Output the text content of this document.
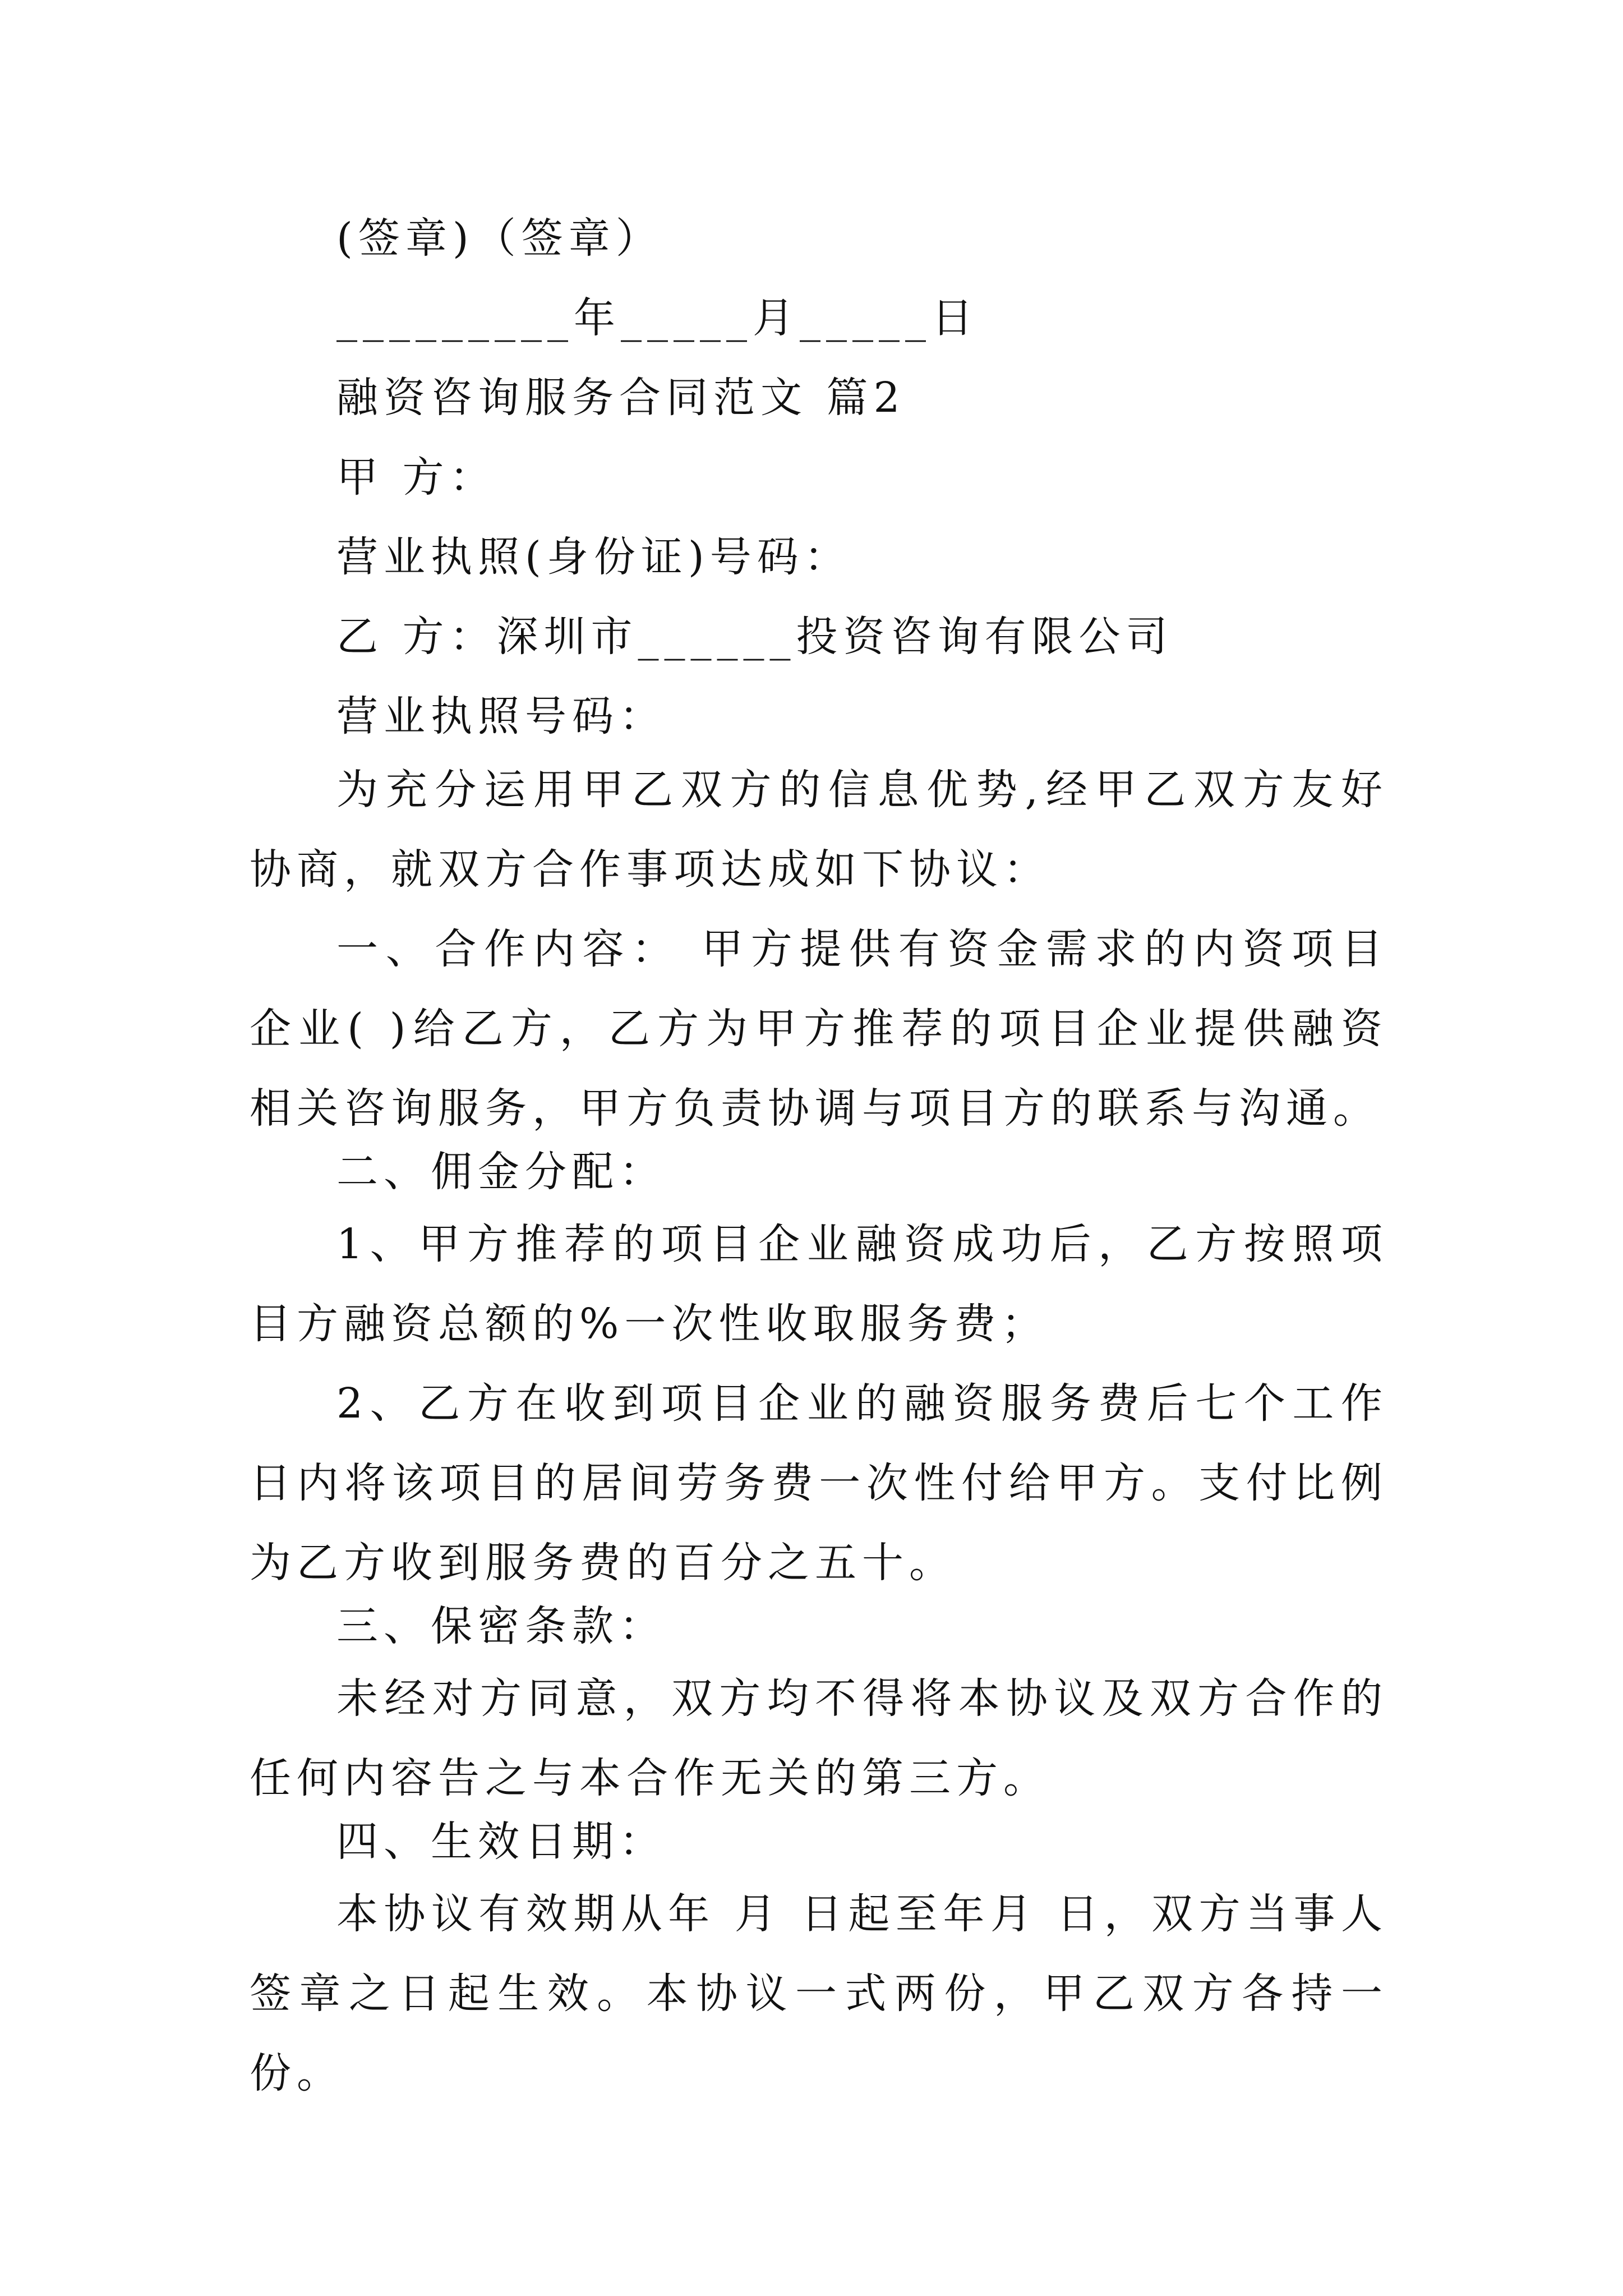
(签章)（签章）
_________年_____月_____日
融资咨询服务合同范文 篇2
甲 方：
营业执照(身份证)号码：
乙 方：深圳市______投资咨询有限公司
营业执照号码：
为充分运用甲乙双方的信息优势,经甲乙双方友好协商，就双方合作事项达成如下协议：
一、合作内容： 甲方提供有资金需求的内资项目企业( )给乙方，乙方为甲方推荐的项目企业提供融资相关咨询服务，甲方负责协调与项目方的联系与沟通。
二、佣金分配：
1、甲方推荐的项目企业融资成功后，乙方按照项目方融资总额的%一次性收取服务费；
2、乙方在收到项目企业的融资服务费后七个工作日内将该项目的居间劳务费一次性付给甲方。支付比例为乙方收到服务费的百分之五十。
三、保密条款：
未经对方同意，双方均不得将本协议及双方合作的任何内容告之与本合作无关的第三方。
四、生效日期：
本协议有效期从年 月 日起至年月 日，双方当事人签章之日起生效。本协议一式两份，甲乙双方各持一份。
